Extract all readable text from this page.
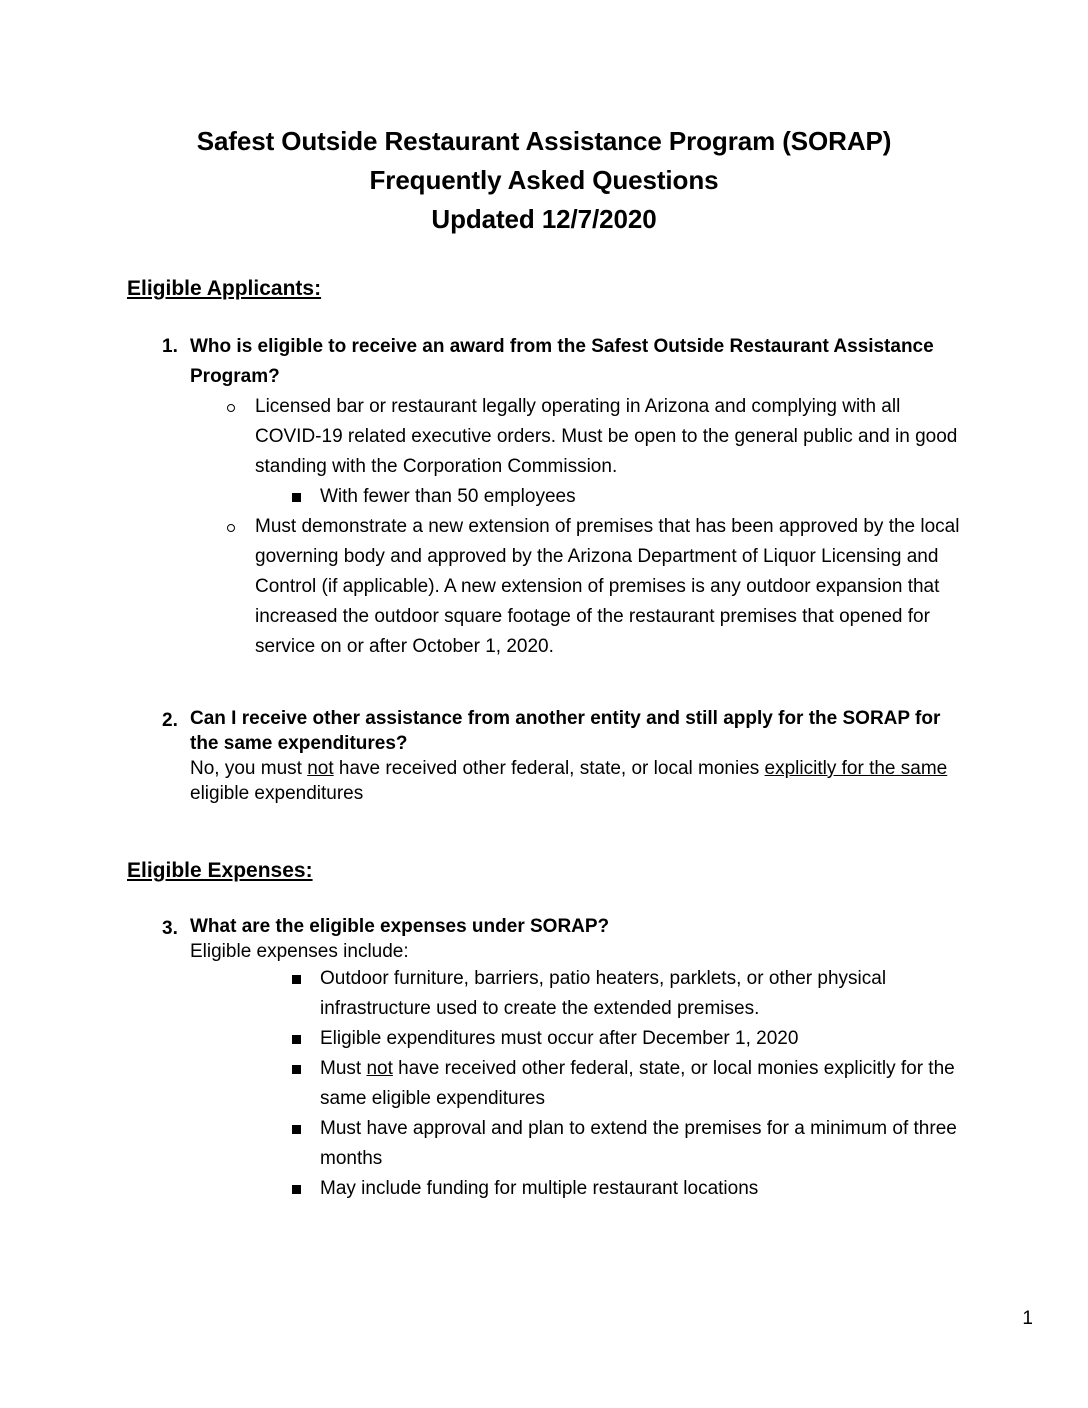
Safest Outside Restaurant Assistance Program (SORAP)
Frequently Asked Questions
Updated 12/7/2020
Eligible Applicants:
1. Who is eligible to receive an award from the Safest Outside Restaurant Assistance Program?

Licensed bar or restaurant legally operating in Arizona and complying with all COVID-19 related executive orders. Must be open to the general public and in good standing with the Corporation Commission.
With fewer than 50 employees
Must demonstrate a new extension of premises that has been approved by the local governing body and approved by the Arizona Department of Liquor Licensing and Control (if applicable). A new extension of premises is any outdoor expansion that increased the outdoor square footage of the restaurant premises that opened for service on or after October 1, 2020.
2. Can I receive other assistance from another entity and still apply for the SORAP for the same expenditures?

No, you must not have received other federal, state, or local monies explicitly for the same eligible expenditures

Eligible Expenses:
3. What are the eligible expenses under SORAP?

Eligible expenses include:

Outdoor furniture, barriers, patio heaters, parklets, or other physical infrastructure used to create the extended premises.
Eligible expenditures must occur after December 1, 2020
Must not have received other federal, state, or local monies explicitly for the same eligible expenditures
Must have approval and plan to extend the premises for a minimum of three months
May include funding for multiple restaurant locations
1
